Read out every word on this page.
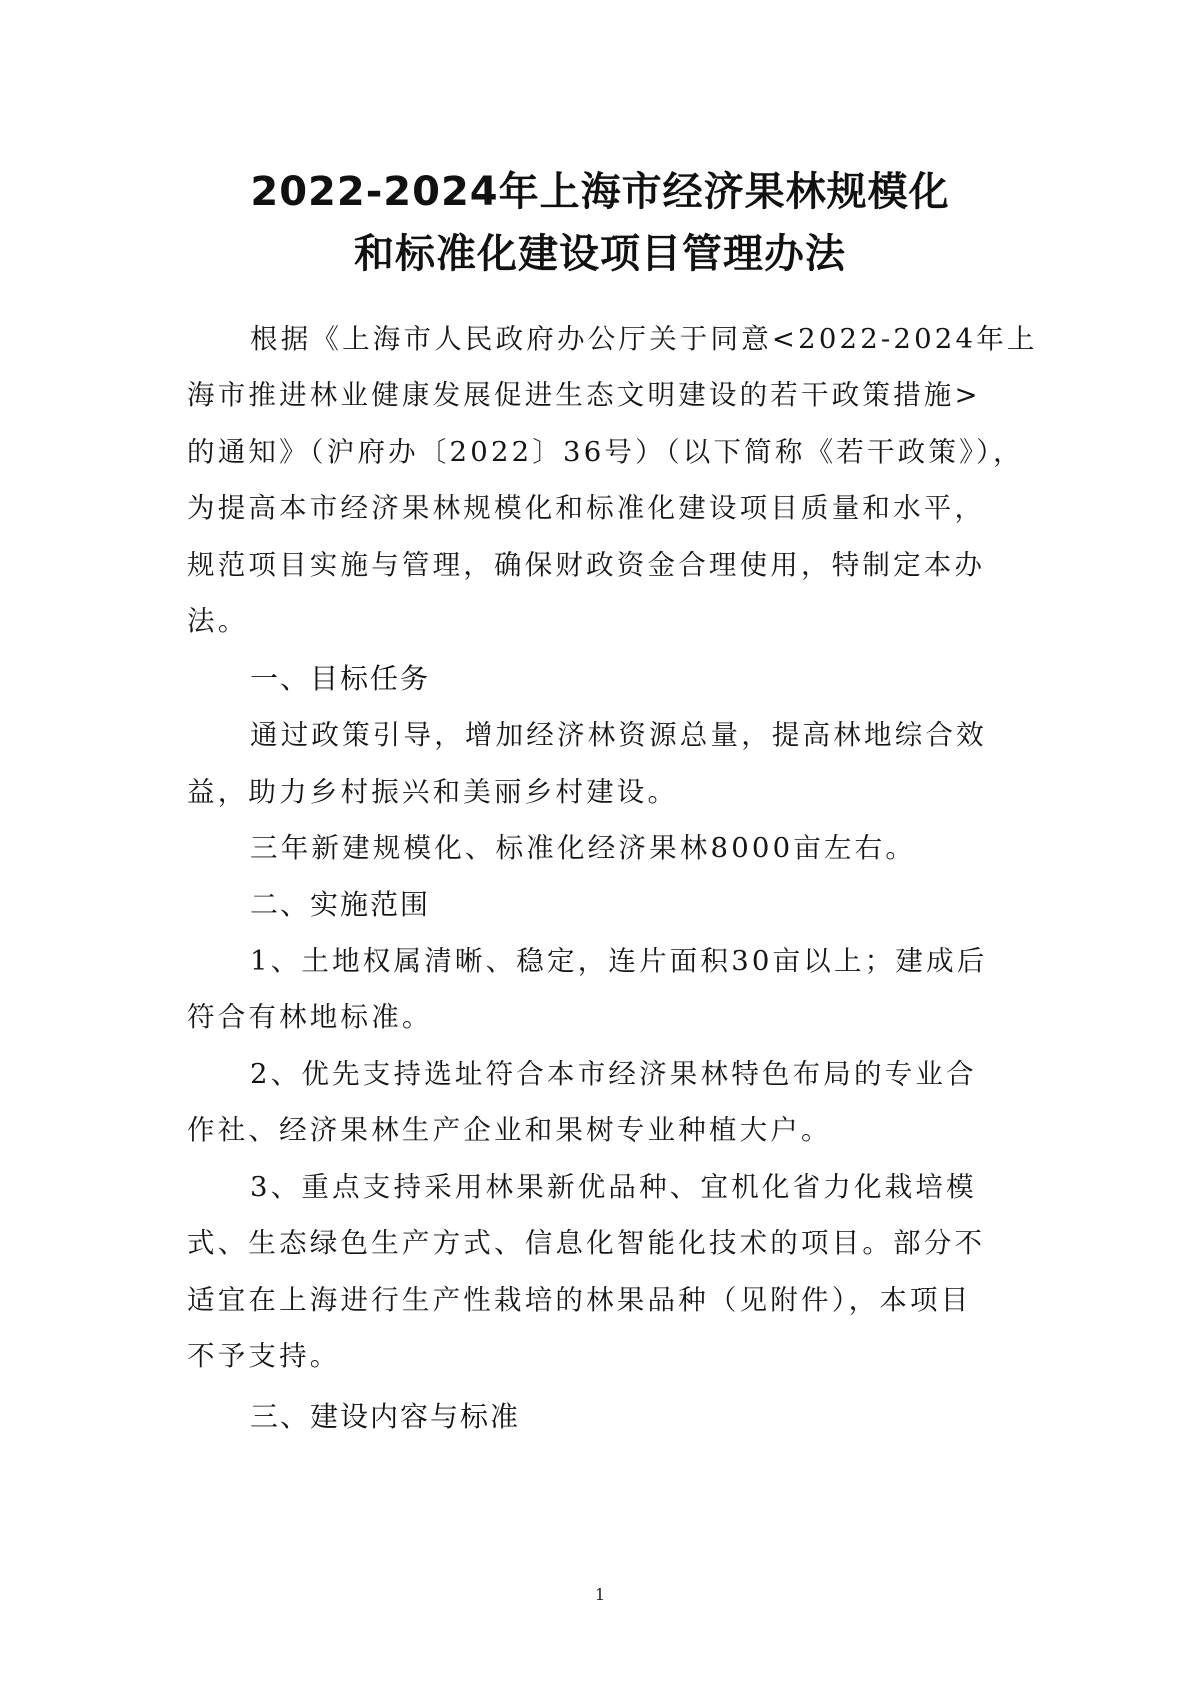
2022-2024年上海市经济果林规模化
和标准化建设项目管理办法
根据《上海市人民政府办公厅关于同意<2022-2024年上
海市推进林业健康发展促进生态文明建设的若干政策措施>
的通知》（沪府办〔2022〕36号）（以下简称《若干政策》），
为提高本市经济果林规模化和标准化建设项目质量和水平，
规范项目实施与管理，确保财政资金合理使用，特制定本办
法。
一、目标任务
通过政策引导，增加经济林资源总量，提高林地综合效
益，助力乡村振兴和美丽乡村建设。
三年新建规模化、标准化经济果林8000亩左右。
二、实施范围
1、土地权属清晰、稳定，连片面积30亩以上；建成后
符合有林地标准。
2、优先支持选址符合本市经济果林特色布局的专业合
作社、经济果林生产企业和果树专业种植大户。
3、重点支持采用林果新优品种、宜机化省力化栽培模
式、生态绿色生产方式、信息化智能化技术的项目。部分不
适宜在上海进行生产性栽培的林果品种（见附件），本项目
不予支持。
三、建设内容与标准
1
